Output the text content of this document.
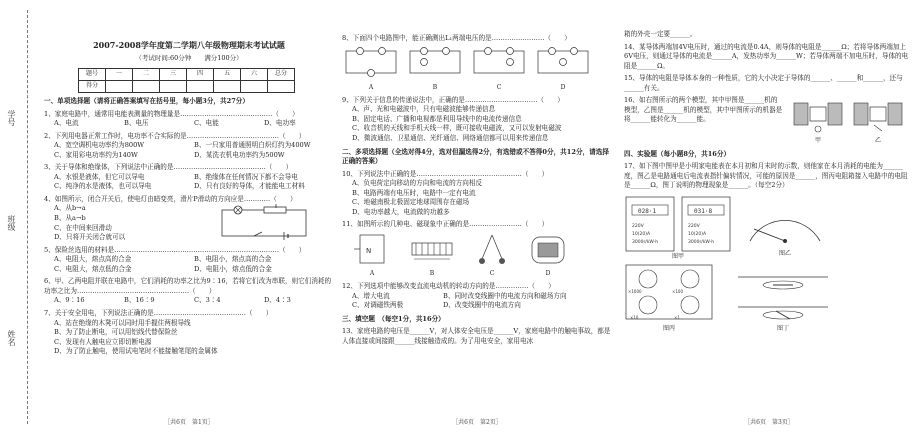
学号
班级
姓名
2007-2008学年度第二学期八年级物理期末考试试题
（考试时间:60分钟　　满分100分）
题号	一	二	三	四	五	六	总分
得分							
一、单项选择题（请将正确答案填写在括号里，每小题3分，共27分）
1、家庭电路中，通常用电能表测量的物理量是……………………………………（　　）
A、电流	B、电压	C、电能	D、电功率
2、下列用电器正常工作时，电功率不合实际的是……………………………………（　　）
A、宽空调机电功率约为800W	B、一只家用普通照明白炽灯约为400W
C、家用彩电功率约为140W	D、某洗衣机电功率约为500W
3、关于导体和绝缘体，下列说法中正确的是……………………………………（　　）
A、水银是液体，但它可以导电	B、绝缘体在任何情况下都不会导电
C、纯净的水是液体，也可以导电	D、只有良好的导体，才能能电工材料
4、如图所示，闭合开关后，使电灯由暗变亮，滑片P滑动的方向应是…………（　　）
A、从b→a
B、从a→b
C、在中间来回滑动
D、只将开关闭合就可以
5、保险丝选用的材料是…………………………………………………………………（　　）
A、电阻大，熔点高的合金	B、电阻小，熔点高的合金
C、电阻大，熔点低的合金	D、电阻小，熔点低的合金
6、甲、乙两电阻并联在电路中，它们消耗的功率之比为9∶16，若将它们改为串联，则它们消耗的功率之比为……………………………………………（　　）
A、9∶16	B、16∶9	C、3∶4	D、4∶3
7、关于安全用电，下列说法正确的是……………………………………（　　）
A、站在绝缘的木凳可以同时用手握住两根导线
B、为了防止断电，可以用铝线代替保险丝
C、发现有人触电应立即切断电源
D、为了防止触电，使用试电笔时不能接触笔尾的金属体
［共6页　第1页］
8、下面四个电路图中，能正确测出L₁两端电压的是……………………（　　）
A	B	C	D
9、下列关于信息的传递说法中，正确的是……………………………（　　）
A、声、光和电磁波中，只有电磁波能够传递信息
B、固定电话、广播和电视都是利用导线中的电流传递信息
C、收音机的天线和手机天线一样，既可接收电磁波，又可以发射电磁波
D、微波通信、卫星通信、光纤通信、网络通信都可以用来传递信息
二、多项选择题（全选对得4分，选对但漏选得2分，有选错或不答得0分，共12分，请选择正确的答案）
10、下列说法中正确的是…………………………………………（　　）
A、负电荷定向移动的方向和电流的方向相反
B、电路两端有电压时，电路中一定有电流
C、地磁南极北极固定地球周围存在磁场
D、电功率越大，电流做的功越多
11、如图所示的几种电、磁现象中正确的是……………………（　　）
N
A	B	C	D
12、下列选项中能够改变直流电动机的转动方向的是……………（　　）
A、增大电流	B、同时改变线圈中的电流方向和磁场方向
C、对调磁铁两极	D、改变线圈中的电流方向
三、填空题　（每空1分，共16分）
13、家庭电路的电压是______V，对人体安全电压是______V，家庭电路中的触电事故，都是人体直接或间接跟______线接触造成的。为了用电安全，家用电冰
［共6页　第2页］
箱的外壳一定要______。
14、某导体两端加4V电压时，通过的电流是0.4A，则导体的电阻是______Ω；若将导体两端加上6V电压，则通过导体的电流是______A，发热功率为______W；若导体两端不加电压时，导体的电阻是______Ω。
15、导体的电阻是导体本身的一种性质，它的大小决定于导体的______、______和______，还与______有关。
16、如右图所示的两个模型，其中甲图是______机的模型，乙图是______机的模型，其中甲图所示的机器是将______能转化为______能。
甲	乙
四、实验题（每小题8分，共16分）
17、如下图中图甲是小明家电能表在本月初和月末时的示数，则他家在本月消耗的电能为______度，图乙是电路通电后电流表指针偏转情况，可能的原因是______，图丙电阻箱接入电路中的电阻是______Ω，图丁说明的物理现象是______。（每空2分）
028·1
220V
10(20)A
3000r/kW·h
031·8
220V
10(20)A
3000r/kW·h
图甲	图乙
×1000	×100
×10	×1
图丙	图丁
［共6页　第3页］
